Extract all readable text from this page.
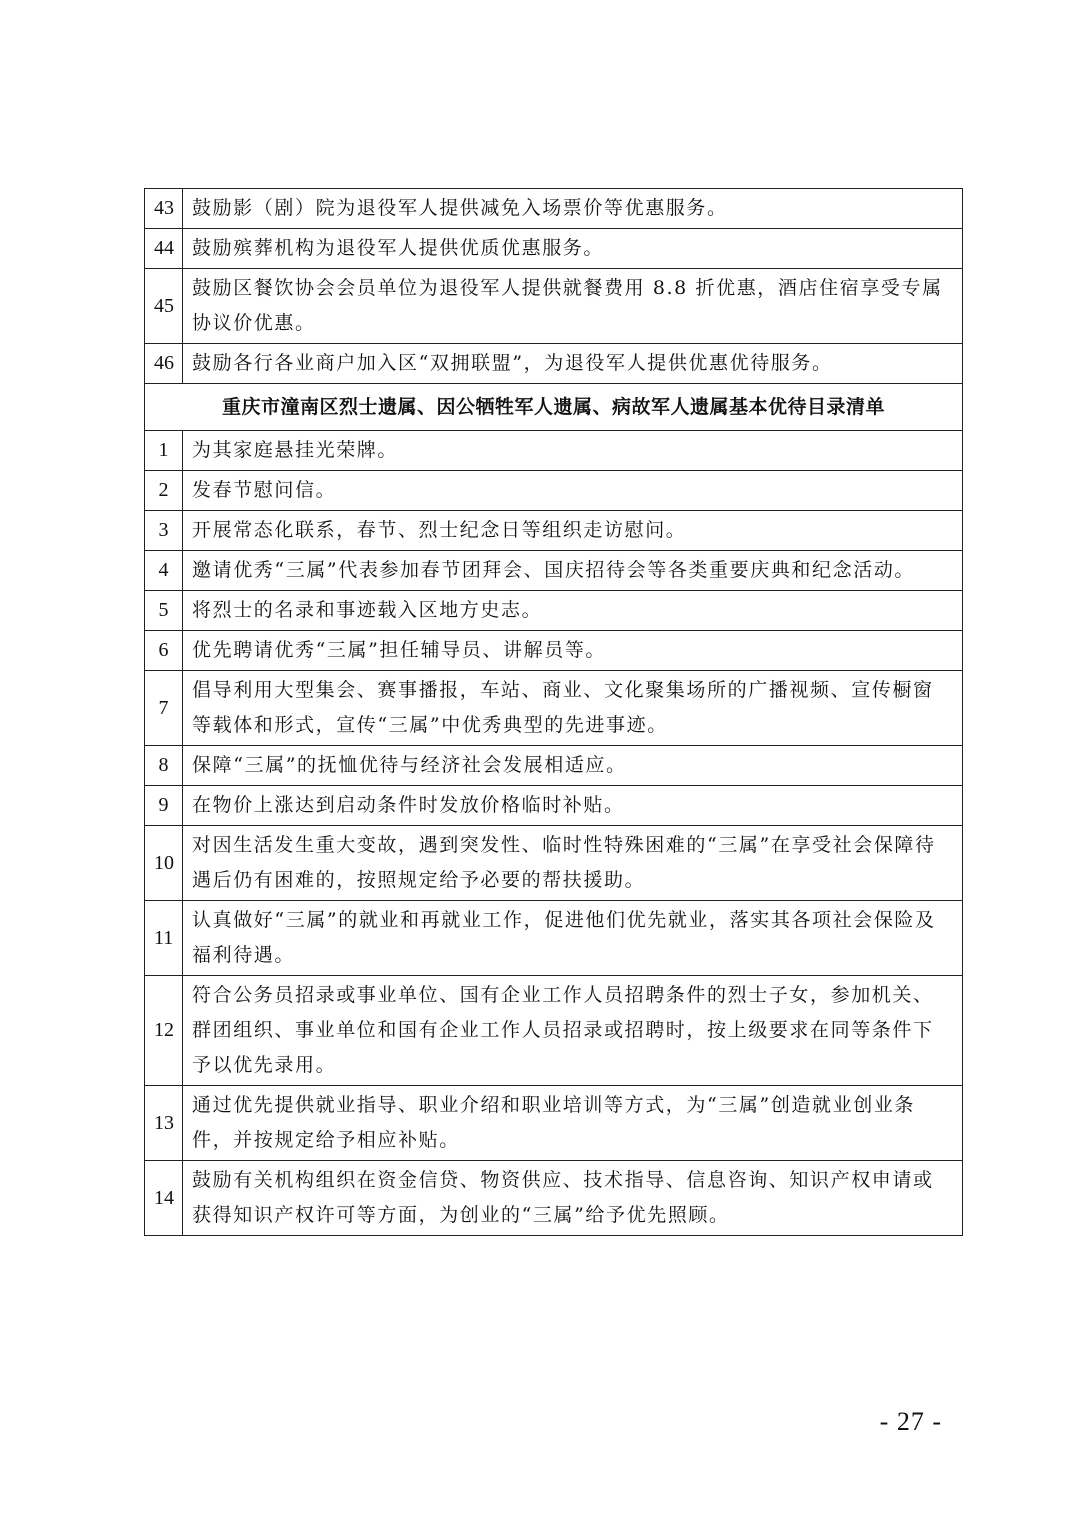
43	鼓励影（剧）院为退役军人提供减免入场票价等优惠服务。
44	鼓励殡葬机构为退役军人提供优质优惠服务。
45	鼓励区餐饮协会会员单位为退役军人提供就餐费用 8.8 折优惠，酒店住宿享受专属协议价优惠。
46	鼓励各行各业商户加入区“双拥联盟”，为退役军人提供优惠优待服务。
重庆市潼南区烈士遗属、因公牺牲军人遗属、病故军人遗属基本优待目录清单	
1	为其家庭悬挂光荣牌。
2	发春节慰问信。
3	开展常态化联系，春节、烈士纪念日等组织走访慰问。
4	邀请优秀“三属”代表参加春节团拜会、国庆招待会等各类重要庆典和纪念活动。
5	将烈士的名录和事迹载入区地方史志。
6	优先聘请优秀“三属”担任辅导员、讲解员等。
7	倡导利用大型集会、赛事播报，车站、商业、文化聚集场所的广播视频、宣传橱窗等载体和形式，宣传“三属”中优秀典型的先进事迹。
8	保障“三属”的抚恤优待与经济社会发展相适应。
9	在物价上涨达到启动条件时发放价格临时补贴。
10	对因生活发生重大变故，遇到突发性、临时性特殊困难的“三属”在享受社会保障待遇后仍有困难的，按照规定给予必要的帮扶援助。
11	认真做好“三属”的就业和再就业工作，促进他们优先就业，落实其各项社会保险及福利待遇。
12	符合公务员招录或事业单位、国有企业工作人员招聘条件的烈士子女，参加机关、群团组织、事业单位和国有企业工作人员招录或招聘时，按上级要求在同等条件下予以优先录用。
13	通过优先提供就业指导、职业介绍和职业培训等方式，为“三属”创造就业创业条件，并按规定给予相应补贴。
14	鼓励有关机构组织在资金信贷、物资供应、技术指导、信息咨询、知识产权申请或获得知识产权许可等方面，为创业的“三属”给予优先照顾。
- 27 -
